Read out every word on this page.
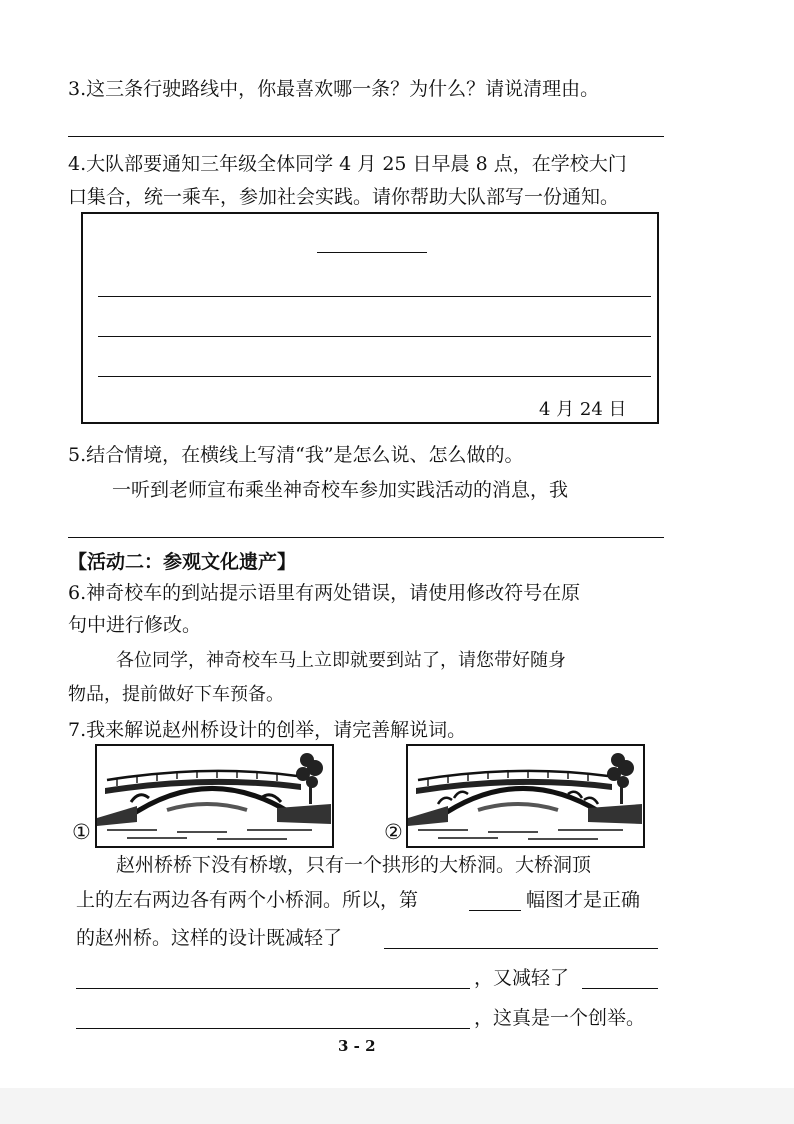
3.这三条行驶路线中，你最喜欢哪一条？为什么？请说清理由。
4.大队部要通知三年级全体同学 4 月 25 日早晨 8 点，在学校大门
口集合，统一乘车，参加社会实践。请你帮助大队部写一份通知。
4 月 24 日
5.结合情境，在横线上写清“我”是怎么说、怎么做的。
一听到老师宣布乘坐神奇校车参加实践活动的消息，我
【活动二：参观文化遗产】
6.神奇校车的到站提示语里有两处错误，请使用修改符号在原
句中进行修改。
各位同学，神奇校车马上立即就要到站了，请您带好随身
物品，提前做好下车预备。
7.我来解说赵州桥设计的创举，请完善解说词。
①	②
赵州桥桥下没有桥墩，只有一个拱形的大桥洞。大桥洞顶
上的左右两边各有两个小桥洞。所以，第	幅图才是正确
的赵州桥。这样的设计既减轻了
，又减轻了
，这真是一个创举。
3 - 2
